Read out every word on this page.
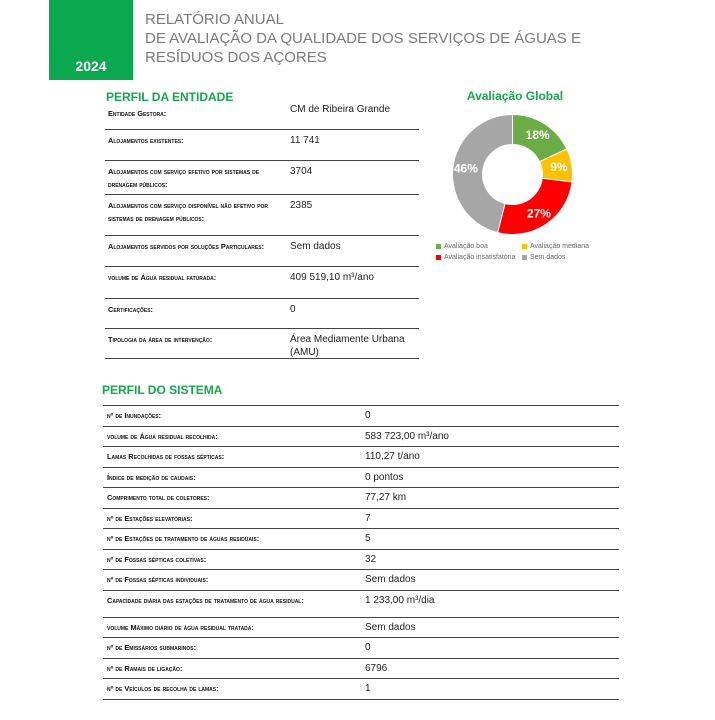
2024
RELATÓRIO ANUAL
DE AVALIAÇÃO DA QUALIDADE DOS SERVIÇOS DE ÁGUAS E
RESÍDUOS DOS AÇORES
PERFIL DA ENTIDADE
Entidade Gestora:	CM de Ribeira Grande
Alojamentos existentes:	11 741
Alojamentos com serviço efetivo por sistemas de drenagem públicos:
3704
Alojamentos com serviço disponível não efetivo por sistemas de drenagem públicos:
2385
Alojamentos servidos por soluções Particulares:	Sem dados
volume de Água residual faturada:	409 519,10 m³/ano
Certificações:	0
Tipologia da área de intervenção:	Área Mediamente Urbana (AMU)
Avaliação Global
18%
9%
27%
46%
Avaliação boa	Avaliação mediana
Avaliação insatisfatória Sem dados
PERFIL DO SISTEMA
nº de Inundações:	0
volume de Água residual recolhida:	583 723,00 m³/ano
Lamas Recolhidas de fossas sépticas:	110,27 t/ano
Índice de medição de caudais:	0 pontos
Comprimento total de coletores:	77,27 km
nº de Estações elevatórias:	7
nº de Estações de tratamento de águas residuais:	5
nº de Fossas sépticas coletivas:	32
nº de Fossas sépticas individuais:	Sem dados
Capacidade diária das estações de tratamento de água residual:	1 233,00 m³/dia
volume Máximo diário de água residual tratada:	Sem dados
nº de Emissários submarinos:	0
nº de Ramais de ligação:	6796
nº de Veículos de recolha de lamas:	1
